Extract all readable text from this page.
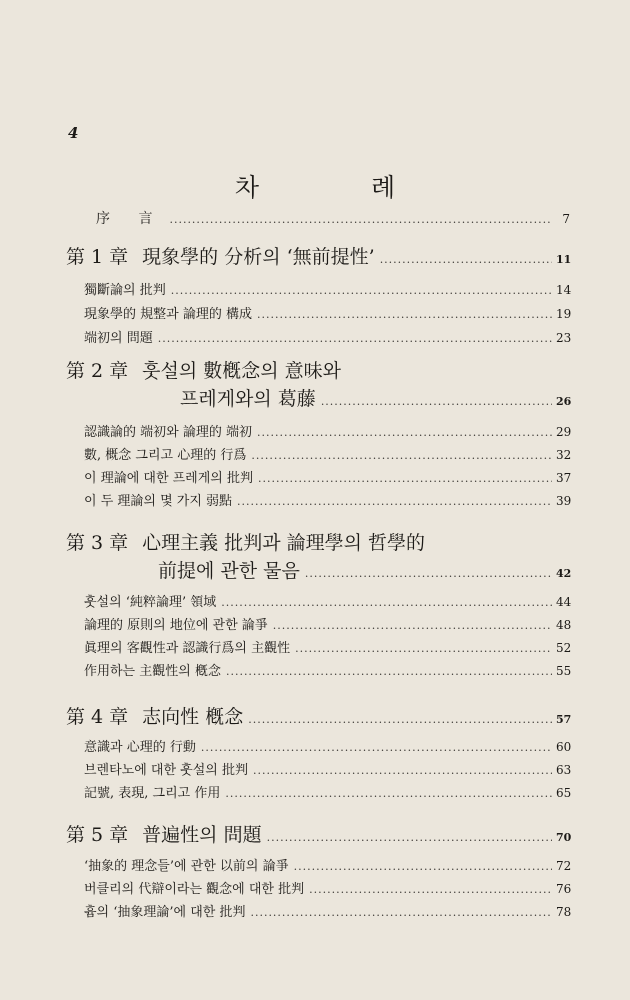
4
차 례
序 言 .....	7
第 1 章 現象學的 分析의 ‘無前提性’ .....	11
獨斷論의 批判 .....	14
現象學的 規整과 論理的 構成 .....	19
端初의 問題 .....	23
第 2 章 훗설의 數槪念의 意味와
프레게와의 葛藤 .....	26
認識論的 端初와 論理的 端初 .....	29
數, 概念 그리고 心理的 行爲 .....	32
이 理論에 대한 프레게의 批判 .....	37
이 두 理論의 몇 가지 弱點 .....	39
第 3 章 心理主義 批判과 論理學의 哲學的
前提에 관한 물음 .....	42
훗설의 ‘純粹論理’ 領域 .....	44
論理的 原則의 地位에 관한 論爭 .....	48
眞理의 客觀性과 認識行爲의 主觀性 .....	52
作用하는 主觀性의 槪念 .....	55
第 4 章 志向性 槪念 .....	57
意識과 心理的 行動 .....	60
브렌타노에 대한 훗설의 批判 .....	63
記號, 表現, 그리고 作用 .....	65
第 5 章 普遍性의 問題 .....	70
‘抽象的 理念들’에 관한 以前의 論爭 .....	72
버클리의 代辯이라는 觀念에 대한 批判 .....	76
흄의 ‘抽象理論’에 대한 批判 .....	78
